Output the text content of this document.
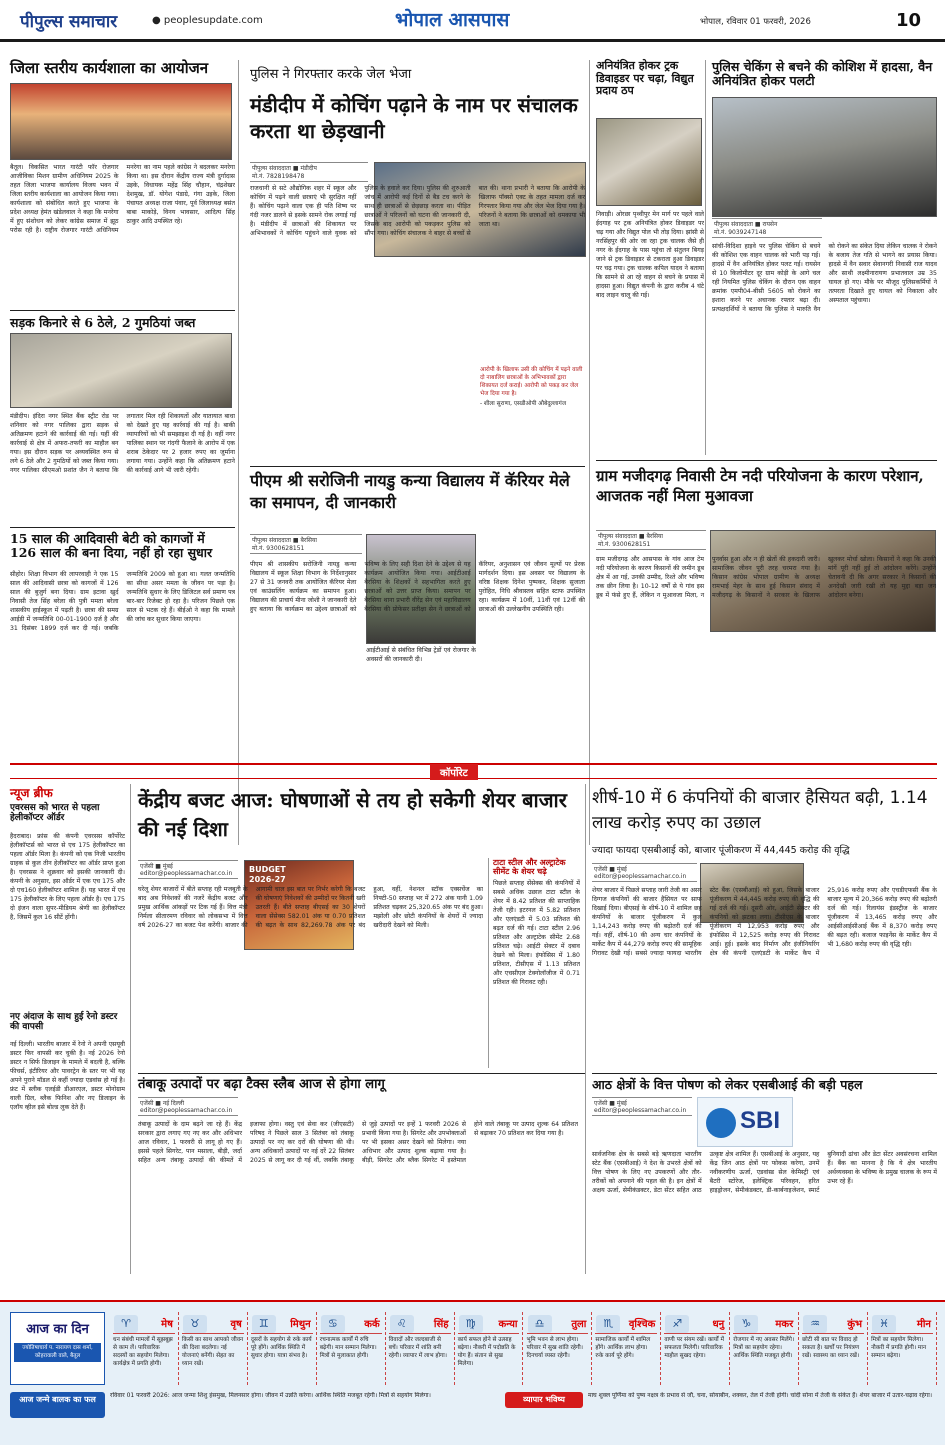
पीपुल्स समाचार	● peoplesupdate.com	भोपाल आसपास	भोपाल, रविवार 01 फरवरी, 2026	10
जिला स्तरीय कार्यशाला का आयोजन
बैतूल। विकसित भारत गारंटी फॉर रोजगार आजीविका मिशन ग्रामीण अधिनियम 2025 के तहत जिला भाजपा कार्यालय विजय भवन में जिला स्तरीय कार्यशाला का आयोजन किया गया। कार्यशाला को संबोधित करते हुए भाजपा के प्रदेश अध्यक्ष हेमंत खंडेलवाल ने कहा कि मनरेगा में हुए संशोधन को लेकर कांग्रेस समाज में झूठ परोस रही है। राष्ट्रीय रोजगार गारंटी अधिनियम मनरेगा का नाम पहले कांग्रेस ने बदलकर मनरेगा किया था। इस दौरान केंद्रीय राज्य मंत्री दुर्गादास उइके, विधायक महेंद्र सिंह चौहान, चंद्रशेखर देशमुख, डॉ. योगेश पंडाग्रे, गंगा उइके, जिला पंचायत अध्यक्ष राजा पंवार, पूर्व जिलाध्यक्ष बसंत बाबा माकोड़े, विनय भावसार, आदित्य सिंह ठाकुर आदि उपस्थित रहे।
सड़क किनारे से 6 ठेले, 2 गुमठियां जब्त
मंडीदीप। इंदिरा नगर स्थित बैंक स्ट्रीट रोड पर शनिवार को नगर पालिका द्वारा सड़क से अतिक्रमण हटाने की कार्रवाई की गई। यहीं की कार्रवाई से क्षेत्र में अफरा-तफरी का माहौल बन गया। इस दौरान सड़क पर अव्यवस्थित रूप से लगे 6 ठेले और 2 गुमठियों को जब्त किया गया। नगर पालिका सीएमओ प्रशांत जैन ने बताया कि लगातार मिल रही शिकायतों और यातायात बाधा को देखते हुए यह कार्रवाई की गई है। बाकी व्यापारियों को भी समझाइश दी गई है। वहीं नगर पालिका स्थान पर गंदगी फैलाने के आरोप में एक शराब ठेकेदार पर 2 हजार रुपए का जुर्माना लगाया गया। उन्होंने कहा कि अतिक्रमण हटाने की कार्रवाई आगे भी जारी रहेगी।
15 साल की आदिवासी बेटी को कागजों में 126 साल की बना दिया, नहीं हो रहा सुधार
सीहोर। शिक्षा विभाग की लापरवाही ने एक 15 साल की आदिवासी छात्रा को कागजों में 126 साल की बुजुर्ग बना दिया। ग्राम इटावा खुर्द निवासी तेज सिंह बरेला की पुत्री ममता बरेला शासकीय हाईस्कूल में पढ़ती है। छात्रा की समग्र आईडी में जन्मतिथि 00-01-1900 दर्ज है और 31 दिसंबर 1899 दर्ज कर दी गई। जबकि जन्मतिथि 2009 को हुआ था। गलत जन्मतिथि का सीधा असर ममता के जीवन पर पड़ा है। जन्मतिथि सुधार के लिए डिजिटल सर्व प्रमाण पत्र बार-बार रिजेक्ट हो रहा है। परिजन पिछले एक साल से भटक रहे हैं। बीईओ ने कहा कि मामले की जांच कर सुधार किया जाएगा।
पुलिस ने गिरफ्तार करके जेल भेजा
मंडीदीप में कोचिंग पढ़ाने के नाम पर संचालक करता था छेड़खानी
पीपुल्स संवाददाता ■ मंडीदीप
मो.नं. 7828198478
राजधानी से सटे औद्योगिक शहर में स्कूल और कोचिंग में पढ़ने वाली छात्राएं भी सुरक्षित नहीं हैं। कोचिंग पढ़ाने वाला एक ही पति शिष्य पर गंदी नजर डालने से इसके सामने रोक लगाई गई है। मंडीदीप में छात्राओं की शिकायत पर अभिभावकों ने कोचिंग पहुंचने वाले युवक को पुलिस के हवाले कर दिया। पुलिस की शुरुआती जांच में आरोपी कई दिनों से बैड टच करने के साथ ही छात्राओं से छेड़छाड़ करता था। पीड़ित छात्राओं ने परिजनों को घटना की जानकारी दी, जिसके बाद आरोपी को पकड़कर पुलिस को सौंपा गया। कोचिंग संचालक ने बाहर से बच्चों से बात की। थाना प्रभारी ने बताया कि आरोपी के खिलाफ पॉक्सो एक्ट के तहत मामला दर्ज कर गिरफ्तार किया गया और जेल भेज दिया गया है। परिजनों ने बताया कि छात्राओं को धमकाया भी जाता था।
आरोपी के खिलाफ उसी की कोचिंग में पढ़ने वाली दो नाबालिग छात्राओं के अभिभावकों द्वारा शिकायत दर्ज कराई। आरोपी को पकड़ कर जेल भेज दिया गया है।
- शीला सुराणा, एसडीओपी औबेदुल्लागंज
पीएम श्री सरोजिनी नायडु कन्या विद्यालय में कॅरियर मेले का समापन, दी जानकारी
पीपुल्स संवाददाता ■ बैरसिया
मो.नं. 9300628151
आईटीआई से संबंधित विभिन्न ट्रेडों एवं रोजगार के अवसरों की जानकारी दी।
पीएम श्री शासकीय सरोजिनी नायडु कन्या विद्यालय में स्कूल शिक्षा विभाग के निर्देशानुसार 27 से 31 जनवरी तक आयोजित कॅरियर मेला एवं काउंसलिंग कार्यक्रम का समापन हुआ। विद्यालय की प्राचार्य मीना जोशी ने जानकारी देते हुए बताया कि कार्यक्रम का उद्देश्य छात्राओं को भविष्य के लिए सही दिशा देने के उद्देश्य से यह कार्यक्रम आयोजित किया गया। आईटीआई बैरसिया के शिक्षकों ने सहभागिता करते हुए छात्राओं को उत्तर प्राप्त किया। समापन पर बैरसिया थाना प्रभारी वीरेंद्र सेन एवं महाविद्यालय बैरसिया की प्रोफेसर प्रतीक्षा सेन ने छात्राओं को कॅरियर, अनुशासन एवं जीवन मूल्यों पर प्रेरक मार्गदर्शन दिया। इस अवसर पर विद्यालय के वरिष्ठ शिक्षक दिनेश पुष्पकर, शिक्षक सुजाता पुरोहित, निधि श्रीवास्तव सहित स्टाफ उपस्थित रहा। कार्यक्रम में 10वीं, 11वीं एवं 12वीं की छात्राओं की उल्लेखनीय उपस्थिति रही।
अनियंत्रित होकर ट्रक डिवाइडर पर चढ़ा, विद्युत प्रदाय ठप
निवाड़ी। ओरछा पृथ्वीपुर मेन मार्ग पर पहले वाले ईदगाह पर ट्रक अनियंत्रित होकर डिवाइडर पर चढ़ गया और विद्युत पोल भी तोड़ दिया। झांसी से नरसिंहपुर की ओर जा रहा ट्रक चालक जैसे ही नगर के ईदगाह के पास पहुंचा तो संतुलन बिगड़ जाने से ट्रक डिवाइडर से टकराता हुआ डिवाइडर पर चढ़ गया। ट्रक चालक कपिल यादव ने बताया कि सामने से आ रहे वाहन से बचने के प्रयास में हादसा हुआ। विद्युत कंपनी के द्वारा करीब 4 घंटे बाद लाइन चालू की गई।
पुलिस चेकिंग से बचने की कोशिश में हादसा, वैन अनियंत्रित होकर पलटी
पीपुल्स संवाददाता ■ रायसेन
मो.नं. 9039247148
सांची-विदिशा हाइवे पर पुलिस चेकिंग से बचने की कोशिश एक वाहन चालक को भारी पड़ गई। हादसे में वैन अनियंत्रित होकर पलट गई। रायसेन से 10 किलोमीटर दूर ग्राम कोड़ी के आगे चल रही नियमित पुलिस चेकिंग के दौरान एक वाहन क्रमांक एमपी04-बीसी 5605 को रोकने का इशारा करने पर अचानक रफ्तार बढ़ा दी। प्रत्यक्षदर्शियों ने बताया कि पुलिस ने मारुति वैन को रोकने का संकेत दिया लेकिन चालक ने रोकने के बजाय तेज गति से भागने का प्रयास किया। हादसे में वैन सवार सेवानगरी निवासी राज यादव और साथी लक्ष्मीनारायण प्रभातवाल उम्र 35 घायल हो गए। मौके पर मौजूद पुलिसकर्मियों ने तत्परता दिखाते हुए घायल को निकाला और अस्पताल पहुंचाया।
ग्राम मजीदगढ़ निवासी टेम नदी परियोजना के कारण परेशान, आजतक नहीं मिला मुआवजा
पीपुल्स संवाददाता ■ बैरसिया
मो.नं. 9300628151
ग्राम मजीदगढ़ और आसपास के गांव आज टेम नदी परियोजना के कारण किसानों की जमीन डूब क्षेत्र में आ गई, उनकी उम्मीद, रिश्ते और भविष्य तक छीन लिया है। 10-12 वर्षों से ये गांव इस डूब में फंसे हुए हैं, लेकिन न मुआवजा मिला, न पुनर्वास हुआ और न ही खेतों की हकदारी जारी। सामाजिक जीवन पूरी तरह चरमरा गया है। किसान कांग्रेस भोपाल ग्रामीण के अध्यक्ष रामभाई मेहर के साथ हुई किसान संवाद में मजीदगढ़ के किसानों ने सरकार के खिलाफ खुलकर मोर्चा खोला। किसानों ने कहा कि उनकी मांगें पूरी नहीं हुई तो आंदोलन करेंगे। उन्होंने चेतावनी दी कि अगर सरकार ने किसानों की अनदेखी जारी रखी तो यह मुद्दा बड़ा जन आंदोलन बनेगा।
कॉर्पोरेट
न्यूज ब्रीफ
एवरसस को भारत से पहला हेलीकॉप्टर ऑर्डर
हैदराबाद। फ्रांस की कंपनी एवरसस कॉर्पोरेट हेलीकॉप्टर्स को भारत से एच 175 हेलीकॉप्टर का पहला ऑर्डर मिला है। कंपनी को एक निजी भारतीय ग्राहक से कुल तीन हेलीकॉप्टर का ऑर्डर प्राप्त हुआ है। एवरसस ने शुक्रवार को इसकी जानकारी दी। कंपनी के अनुसार, इस ऑर्डर में एक एच 175 और दो एच160 हेलीकॉप्टर शामिल हैं। यह भारत में एच 175 हेलीकॉप्टर के लिए पहला ऑर्डर है। एच 175 दो इंजन वाला सुपर-मीडियम श्रेणी का हेलीकॉप्टर है, जिसमें कुल 16 सीटें होंगी।
नए अंदाज के साथ हुई रेनो डस्टर की वापसी
नई दिल्ली। भारतीय बाजार में रेनो ने अपनी एसयूवी डस्टर फिर वापसी कर चुकी है। नई 2026 रेनो डस्टर न सिर्फ डिजाइन के मामले में बदली है, बल्कि फीचर्स, इंटीरियर और पावरट्रेन के स्तर पर भी यह अपने पुराने मॉडल से कहीं ज्यादा एडवांस हो गई है। फ्रंट में स्लीक एलईडी डीआरएल, डस्टर मोनोग्राम वाली ग्रिल, ब्लैक फिनिश और नए डिजाइन के एलॉय व्हील इसे बोल्ड लुक देते हैं।
केंद्रीय बजट आज: घोषणाओं से तय हो सकेगी शेयर बाजार की नई दिशा
एजेंसी ■ मुंबई
editor@peoplessamachar.co.in	BUDGET 2026-27
घरेलू शेयर बाजारों में बीते सप्ताह रही मजबूती के बाद अब निवेशकों की नजरें केंद्रीय बजट और प्रमुख आर्थिक आंकड़ों पर टिक गई हैं। वित्त मंत्री निर्मला सीतारमण रविवार को लोकसभा में वित्त वर्ष 2026-27 का बजट पेश करेंगी। बाजार की आगामी चाल इस बात पर निर्भर करेगी कि बजट की घोषणाएं निवेशकों की उम्मीदों पर कितनी खरी उतरती हैं। बीते सप्ताह बीएसई का 30 शेयरों वाला सेंसेक्स 582.01 अंक या 0.70 प्रतिशत की बढ़त के साथ 82,269.78 अंक पर बंद हुआ, वहीं, नेशनल स्टॉक एक्सचेंज का निफ्टी-50 सप्ताह भर में 272 अंक यानी 1.09 प्रतिशत चढ़कर 25,320.65 अंक पर बंद हुआ। मझोली और छोटी कंपनियों के शेयरों में ज्यादा खरीदारी देखने को मिली।
टाटा स्टील और अल्ट्राटेक सीमेंट के शेयर चढ़े
पिछले सप्ताह सेंसेक्स की कंपनियों में सबसे अधिक उछाल टाटा स्टील के शेयर में 8.42 प्रतिशत की साप्ताहिक तेजी रही। इटरनल में 5.82 प्रतिशत और एलएंडटी में 5.03 प्रतिशत की बढ़त दर्ज की गई। टाटा स्टील 2.96 प्रतिशत और अल्ट्राटेक सीमेंट 2.68 प्रतिशत चढ़े। आईटी सेक्टर में दबाव देखने को मिला। इंफोसिस में 1.80 प्रतिशत, टीसीएस में 1.13 प्रतिशत और एचसीएल टेक्नोलॉजीज में 0.71 प्रतिशत की गिरावट रही।
शीर्ष-10 में 6 कंपनियों की बाजार हैसियत बढ़ी, 1.14 लाख करोड़ रुपए का उछाल
ज्यादा फायदा एसबीआई को, बाजार पूंजीकरण में 44,445 करोड़ की वृद्धि
एजेंसी ■ मुंबई
editor@peoplessamachar.co.in
शेयर बाजार में पिछले सप्ताह जारी तेजी का असर दिग्गज कंपनियों की बाजार हैसियत पर साफ दिखाई दिया। बीएसई के शीर्ष-10 में शामिल छह कंपनियों के बाजार पूंजीकरण में कुल 1,14,243 करोड़ रुपए की बढ़ोतरी दर्ज की गई। वहीं, शीर्ष-10 की अन्य चार कंपनियों के मार्केट कैप में 44,279 करोड़ रुपए की सामूहिक गिरावट देखी गई। सबसे ज्यादा फायदा भारतीय स्टेट बैंक (एसबीआई) को हुआ, जिसके बाजार पूंजीकरण में 44,445 करोड़ रुपए की वृद्धि की गई दर्ज की गई। दूसरी ओर, आईटी सेक्टर की कंपनियों को झटका लगा। टीसीएस के बाजार पूंजीकरण में 12,953 करोड़ रुपए और इंफोसिस में 12,525 करोड़ रुपए की गिरावट आई। हुई। इसके बाद निर्माण और इंजीनियरिंग क्षेत्र की कंपनी एलएंडटी के मार्केट कैप में 25,916 करोड़ रुपए और एचडीएफसी बैंक के बाजार मूल्य में 20,366 करोड़ रुपए की बढ़ोतरी दर्ज की गई। रिलायंस इंडस्ट्रीज के बाजार पूंजीकरण में 13,465 करोड़ रुपए और आईसीआईसीआई बैंक में 8,370 करोड़ रुपए की बढ़त रही। बजाज फाइनेंस के मार्केट कैप में भी 1,680 करोड़ रुपए की वृद्धि रही।
तंबाकू उत्पादों पर बढ़ा टैक्स स्लैब आज से होगा लागू
एजेंसी ■ नई दिल्ली
editor@peoplessamachar.co.in
तंबाकू उत्पादों के दाम बढ़ने जा रहे हैं। केंद्र सरकार द्वारा लगाए गए नए कर और अधिभार आज रविवार, 1 फरवरी से लागू हो गए हैं। इससे पहले सिगरेट, पान मसाला, बीड़ी, जर्दा सहित अन्य तंबाकू उत्पादों की कीमतें में इजाफा होगा। वस्तु एवं सेवा कर (जीएसटी) परिषद ने पिछले साल 3 सितंबर को तंबाकू उत्पादों पर नए कर दरों की घोषणा की थी। अन्य अधिकारों उत्पादों पर नई दरें 22 सितंबर 2025 से लागू कर दी गई थीं, जबकि तंबाकू से जुड़े उत्पादों पर इन्हें 1 फरवरी 2026 से प्रभावी किया गया है। सिगरेट और उपभोक्ताओं पर भी इसका असर देखने को मिलेगा। नया अधिभार और उत्पाद शुल्क बढ़ाया गया है। बीड़ी, सिगरेट और ब्लैक सिगरेट में इस्तेमाल होने वाले तंबाकू पर उत्पाद शुल्क 64 प्रतिशत से बढ़ाकर 70 प्रतिशत कर दिया गया है।
आठ क्षेत्रों के वित्त पोषण को लेकर एसबीआई की बड़ी पहल
एजेंसी ■ मुंबई
editor@peoplessamachar.co.in SBI
सार्वजनिक क्षेत्र के सबसे बड़े ऋणदाता भारतीय स्टेट बैंक (एसबीआई) ने देश के उभरते क्षेत्रों को वित्त पोषण के लिए नए उपकरणों और तौर-तरीकों को अपनाने की पहल की है। इन क्षेत्रों में अक्षय ऊर्जा, सेमीकंडक्टर, डेटा सेंटर सहित आठ उत्कृष्ट क्षेत्र शामिल हैं। एसबीआई के अनुसार, यह केंद्र जिन आठ क्षेत्रों पर फोकस करेगा, उनमें नवीकरणीय ऊर्जा, एडवांस्ड सेल केमिस्ट्री एवं बैटरी स्टोरेज, इलेक्ट्रिक परिवहन, हरित हाइड्रोजन, सेमीकंडक्टर, डी-कार्बनाइजेशन, स्मार्ट बुनियादी ढांचा और डेटा सेंटर अवसंरचना शामिल हैं। बैंक का मानना है कि ये क्षेत्र भारतीय अर्थव्यवस्था के भविष्य के प्रमुख चालक के रूप में उभर रहे हैं।
आज का दिन
ज्योतिषाचार्य प. नारायण दास शर्मा, कोहरावाली वाले, बैतूल
♈	मेष
धन संबंधी मामलों में सूझबूझ से काम लें। पारिवारिक सदस्यों का सहयोग मिलेगा। कार्यक्षेत्र में प्रगति होगी।
♉	वृष
किसी का साथ आपको जीवन की दिशा बदलेगा। नई योजनाएं बनेंगी। सेहत का ध्यान रखें।
♊	मिथुन
दूसरों के सहयोग से रुके कार्य पूरे होंगे। आर्थिक स्थिति में सुधार होगा। यात्रा संभव है।
♋	कर्क
रचनात्मक कार्यों में रुचि बढ़ेगी। मान सम्मान मिलेगा। मित्रों से मुलाकात होगी।
♌	सिंह
विवादों और जल्दबाजी से बचें। परिवार में शांति बनी रहेगी। व्यापार में लाभ होगा।
♍	कन्या
कार्य सफल होने से उत्साह बढ़ेगा। नौकरी में पदोन्नति के योग हैं। संतान से सुख मिलेगा।
♎	तुला
भूमि भवन से लाभ होगा। परिवार में सुख शांति रहेगी। दिनचर्या व्यस्त रहेगी।
♏	वृश्चिक
सामाजिक कार्यों में शामिल होंगे। आर्थिक लाभ होगा। रुके कार्य पूरे होंगे।
♐	धनु
वाणी पर संयम रखें। कार्यों में सफलता मिलेगी। पारिवारिक माहौल सुखद रहेगा।
♑	मकर
रोजगार में नए अवसर मिलेंगे। मित्रों का सहयोग रहेगा। आर्थिक स्थिति मजबूत होगी।
♒	कुंभ
छोटी सी बात पर विवाद हो सकता है। खर्चों पर नियंत्रण रखें। स्वास्थ्य का ध्यान रखें।
♓	मीन
मित्रों का सहयोग मिलेगा। नौकरी में प्रगति होगी। मान सम्मान बढ़ेगा।
आज जन्मे बालक का फल	रविवार 01 फरवरी 2026: आज जन्मा शिशु हंसमुख, मिलनसार होगा। जीवन में उन्नति करेगा। आर्थिक स्थिति मजबूत रहेगी। मित्रों से सहयोग मिलेगा।	व्यापार भविष्य	माघ शुक्ल पूर्णिमा को पुष्य नक्षत्र के प्रभाव से जौ, चना, सोयाबीन, शक्कर, तेल में तेजी होगी। चांदी सोना में तेजी के संकेत हैं। शेयर बाजार में उतार-चढ़ाव रहेगा।
